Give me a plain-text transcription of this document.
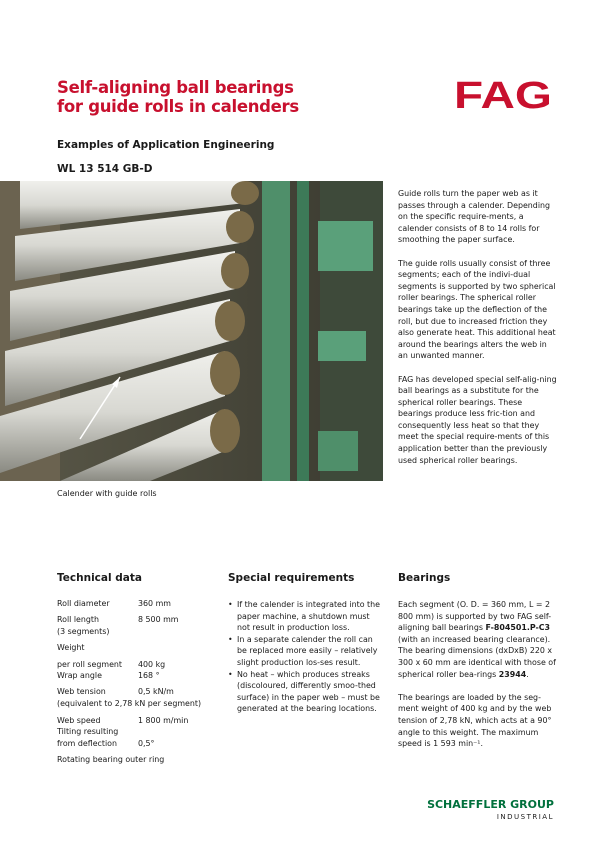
Self-aligning ball bearings
for guide rolls in calenders	FAG
Examples of Application Engineering
WL 13 514 GB-D
Calender with guide rolls

Guide rolls turn the paper web as it passes through a calender. Depending on the specific require-ments, a calender consists of 8 to 14 rolls for smoothing the paper surface.

The guide rolls usually consist of three segments; each of the indivi-dual segments is supported by two spherical roller bearings. The spherical roller bearings take up the deflection of the roll, but due to increased friction they also generate heat. This additional heat around the bearings alters the web in an unwanted manner.

FAG has developed special self-alig-ning ball bearings as a substitute for the spherical roller bearings. These bearings produce less fric-tion and consequently less heat so that they meet the special require-ments of this application better than the previously used spherical roller bearings.

Technical data	Special requirements	Bearings
Roll diameter	360 mm
Roll length	8 500 mm
(3 segments)
Weight
per roll segment 400 kg
Wrap angle	168 °
Web tension	0,5 kN/m
(equivalent to 2,78 kN per segment)
Web speed	1 800 m/min
Tilting resulting
from deflection	0,5°
Rotating bearing outer ring
• If the calender is integrated into the paper machine, a shutdown must not result in production loss.
• In a separate calender the roll can be replaced more easily – relatively slight production los-ses result.
• No heat – which produces streaks (discoloured, differently smoo-thed surface) in the paper web – must be generated at the bearing locations.

Each segment (O. D. = 360 mm, L = 2 800 mm) is supported by two FAG self-aligning ball bearings F-804501.P-C3 (with an increased bearing clearance). The bearing dimensions (dxDxB) 220 x 300 x 60 mm are identical with those of spherical roller bea-rings 23944.

The bearings are loaded by the seg-ment weight of 400 kg and by the web tension of 2,78 kN, which acts at a 90° angle to this weight. The maximum speed is 1 593 min⁻¹.

SCHAEFFLER GROUP
INDUSTRIAL
